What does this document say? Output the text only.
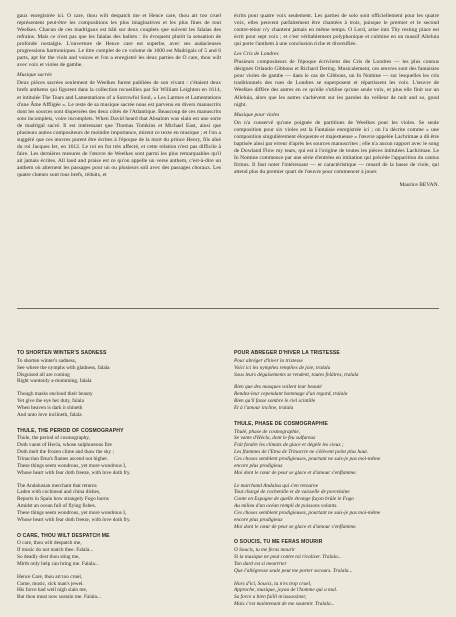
gaux enregistrée ici. O care, thou wilt despatch me et Hence care, thou art too cruel représentent peut-être les compositions les plus imaginatives et les plus fines de tout Weelkes. Chacun de ces madrigaux est bâti sur deux couplets que suivent les falalas des refrains. Mais ce n'est pas que les falalas des ballets : ils évoquent plutôt la sensation de profonde nostalgie. L'ouverture de Hence care est superbe, avec ses audacieuses progressions harmoniques. Le titre complet de ce volume de 1600 est Madrigals of 5 and 6 parts, apt for the viols and voices et l'on a enregistré les deux parties de O care, thou wilt avec voix et violes de gambe.

Musique sacrée

Deux pièces sacrées seulement de Weelkes furent publiées de son vivant : c'étaient deux brefs anthems qui figurent dans la collection recueillies par Sir William Leighton en 1614, et intitulée The Tears and Lamentations of a Sorrowful Soul, « Les Larmes et Lamentations d'une Âme Affligée ». Le reste de sa musique sacrée nous est parvenu en divers manuscrits dont les sources sont dispersées des deux côtés de l'Atlantique. Beaucoup de ces manuscrits sont incomplets, voire incomplets. When David heard that Absalom was slain est une sorte de madrigal sacré. Il est intéressant que Thomas Tomkins et Michael East, ainsi que plusieurs autres compositeurs de moindre importance, mirent ce texte en musique ; et l'on a suggéré que ces œuvres purent être écrites à l'époque de la mort du prince Henry, fils aîné du roi Jacques Ier, en 1612. Le roi en fut très affecté, et cette relation n'est pas difficile à faire. Les dernières mesures de l'œuvre de Weelkes sont parmi les plus remarquables qu'il ait jamais écrites. All laud and praise est ce qu'on appelle un verse anthem, c'est-à-dire un anthem où alternent les passages pour un ou plusieurs soli avec des passages choraux. Les quatre chœurs sont tous brefs, réduits, et

écrits pour quatre voix seulement. Les parties de solo sont officiellement pour les quatre voix, elles peuvent parfaitement être chantées à trois, puisque le premier et le second contre-ténor n'y chantent jamais en même temps. O Lord, arise into Thy resting place est écrit pour sept voix ; et c'est véritablement polyphonique et culmine en un massif Alleluia qui porte l'anthem à une conclusion riche et diversifiée.

Les Cris de Londres

Plusieurs compositeurs de l'époque écrivirent des Cris de Londres — les plus connus désignés Orlando Gibbons et Richard Dering. Musicalement, ces œuvres sont des fantaisies pour violes de gambe — dans le cas de Gibbons, un In Nomine — sur lesquelles les cris traditionnels des rues de Londres se superposent et répartissent les voix. L'œuvre de Weelkes diffère des autres en ce qu'elle s'utilise qu'une seule voix, et plus elle finit sur un Alleluia, alors que les autres s'achèvent sur les paroles du veilleur de nuit and so, good night.

Musique pour violes

On n'a conservé qu'une poignée de partitions de Weelkes pour les violes. Se seule composition pour six violes est la Fantaisie enregistrée ici ; on l'a décrite comme « une composition singulièrement éloquente et majestueuse » l'œuvre appelée Lachrimae a dû être baptisée ainsi par erreur d'après les sources manuscrites ; elle n'a aucun rapport avec le song de Dowland Flow my tears, qui est à l'origine de toutes les pièces intitulées Lachrimae. Le In Nomine commence par une série d'entrées en imitation qui précède l'apparition du cantus firmus. Il faut noter l'intéressant — et caractéristique — renard de la basse de viole, qui attend plus du premier quart de l'œuvre pour commencer à jouer.

Maurice BEVAN.

TO SHORTEN WINTER'S SADNESS

To shorten winter's sadness,

See where the nymphs with gladness, falala

Disguised all are coming

Right wantonly a-mumming, falala

Though masks encloud their beauty

Yet give the eye her duty, falala

When heaven is dark it shineth

And unto love inclineth, falala

THULE, THE PERIOD OF COSMOGRAPHY

Thule, the period of cosmography,

Doth vaunt of Hecla, whose sulphureous fire

Doth melt the frozen clime and thaw the sky ;

Trinacrian Etna's flames ascend not higher.

These things seem wondrous, yet more wondrous I,

Whose heart with fear doth freeze, with love doth fry.

The Andalusian merchant that returns

Laden with cochineal and china dishes,

Reports in Spain how strangely Fogo burns

Amidst an ocean full of flying fishes.

These things seem wondrous, yet more wondrous I,

Whose heart with fear doth freeze, with love doth fry.

O CARE, THOU WILT DESPATCH ME

O care, thou wilt despatch me,

If music do not match thee. Falala...

So deadly dost thou sting me,

Mirth only help can bring me. Falala...

Hence Care, thou art too cruel,

Come, music, sick man's jewel.

His force had well nigh slain me,

But thou must now sustain me. Falala...

POUR ABREGER D'HIVER LA TRISTESSE

Pour abréger d'hiver la tristesse

Voici ici les nymphes remplies de joie, tralala

Sous leurs déguisements se rendent, toutes folâtres, tralala

Bien que des masques voilent leur beauté

Rendez-leur cependant hommage d'un regard, tralala

Bien qu'il fasse sombre le ciel scintille

Et à l'amour incline, tralala

THULE, PHASE DE COSMOGRAPHIE

Thulé, phase de cosmographie,

Se vante d'Hécla, dont le feu sulfureux

Fait fondre les climats de glace et dégèle les cieux ;

Les flammes de l'Etna de Trinacrie ne s'élèvent point plus haut.

Ces choses semblent prodigieuses, pourtant ne suis-je pas moi-même

encore plus prodigieux

Moi dont le cœur de peur se glace et d'amour s'enflamme.

Le marchand Andalou qui s'en retourne

Tout chargé de cochenille et de vaisselle de porcelaine

Conte en Espagne de quelle étrange façon brûle le Fogo

Au milieu d'un océan rempli de poissons volants.

Ces choses semblent prodigieuses, pourtant ne suis-je pas moi-même

encore plus prodigieux

Moi dont le cœur de peur se glace et d'amour s'enflamme.

O SOUCIS, TU ME FERAS MOURIR

O Soucis, tu me feras mourir

Si la musique ne peut contre toi rivaliser. Tralala...

Ton dard est si meurtrier

Que l'allégresse seule peut me porter secours. Tralala...

Hors d'ici, Soucis, tu n'es trop cruel,

Approche, musique, joyau de l'homme qui a mal.

Sa force a bien failli m'assassiner,

Mais c'est maintenant de me soutenir. Tralala...
